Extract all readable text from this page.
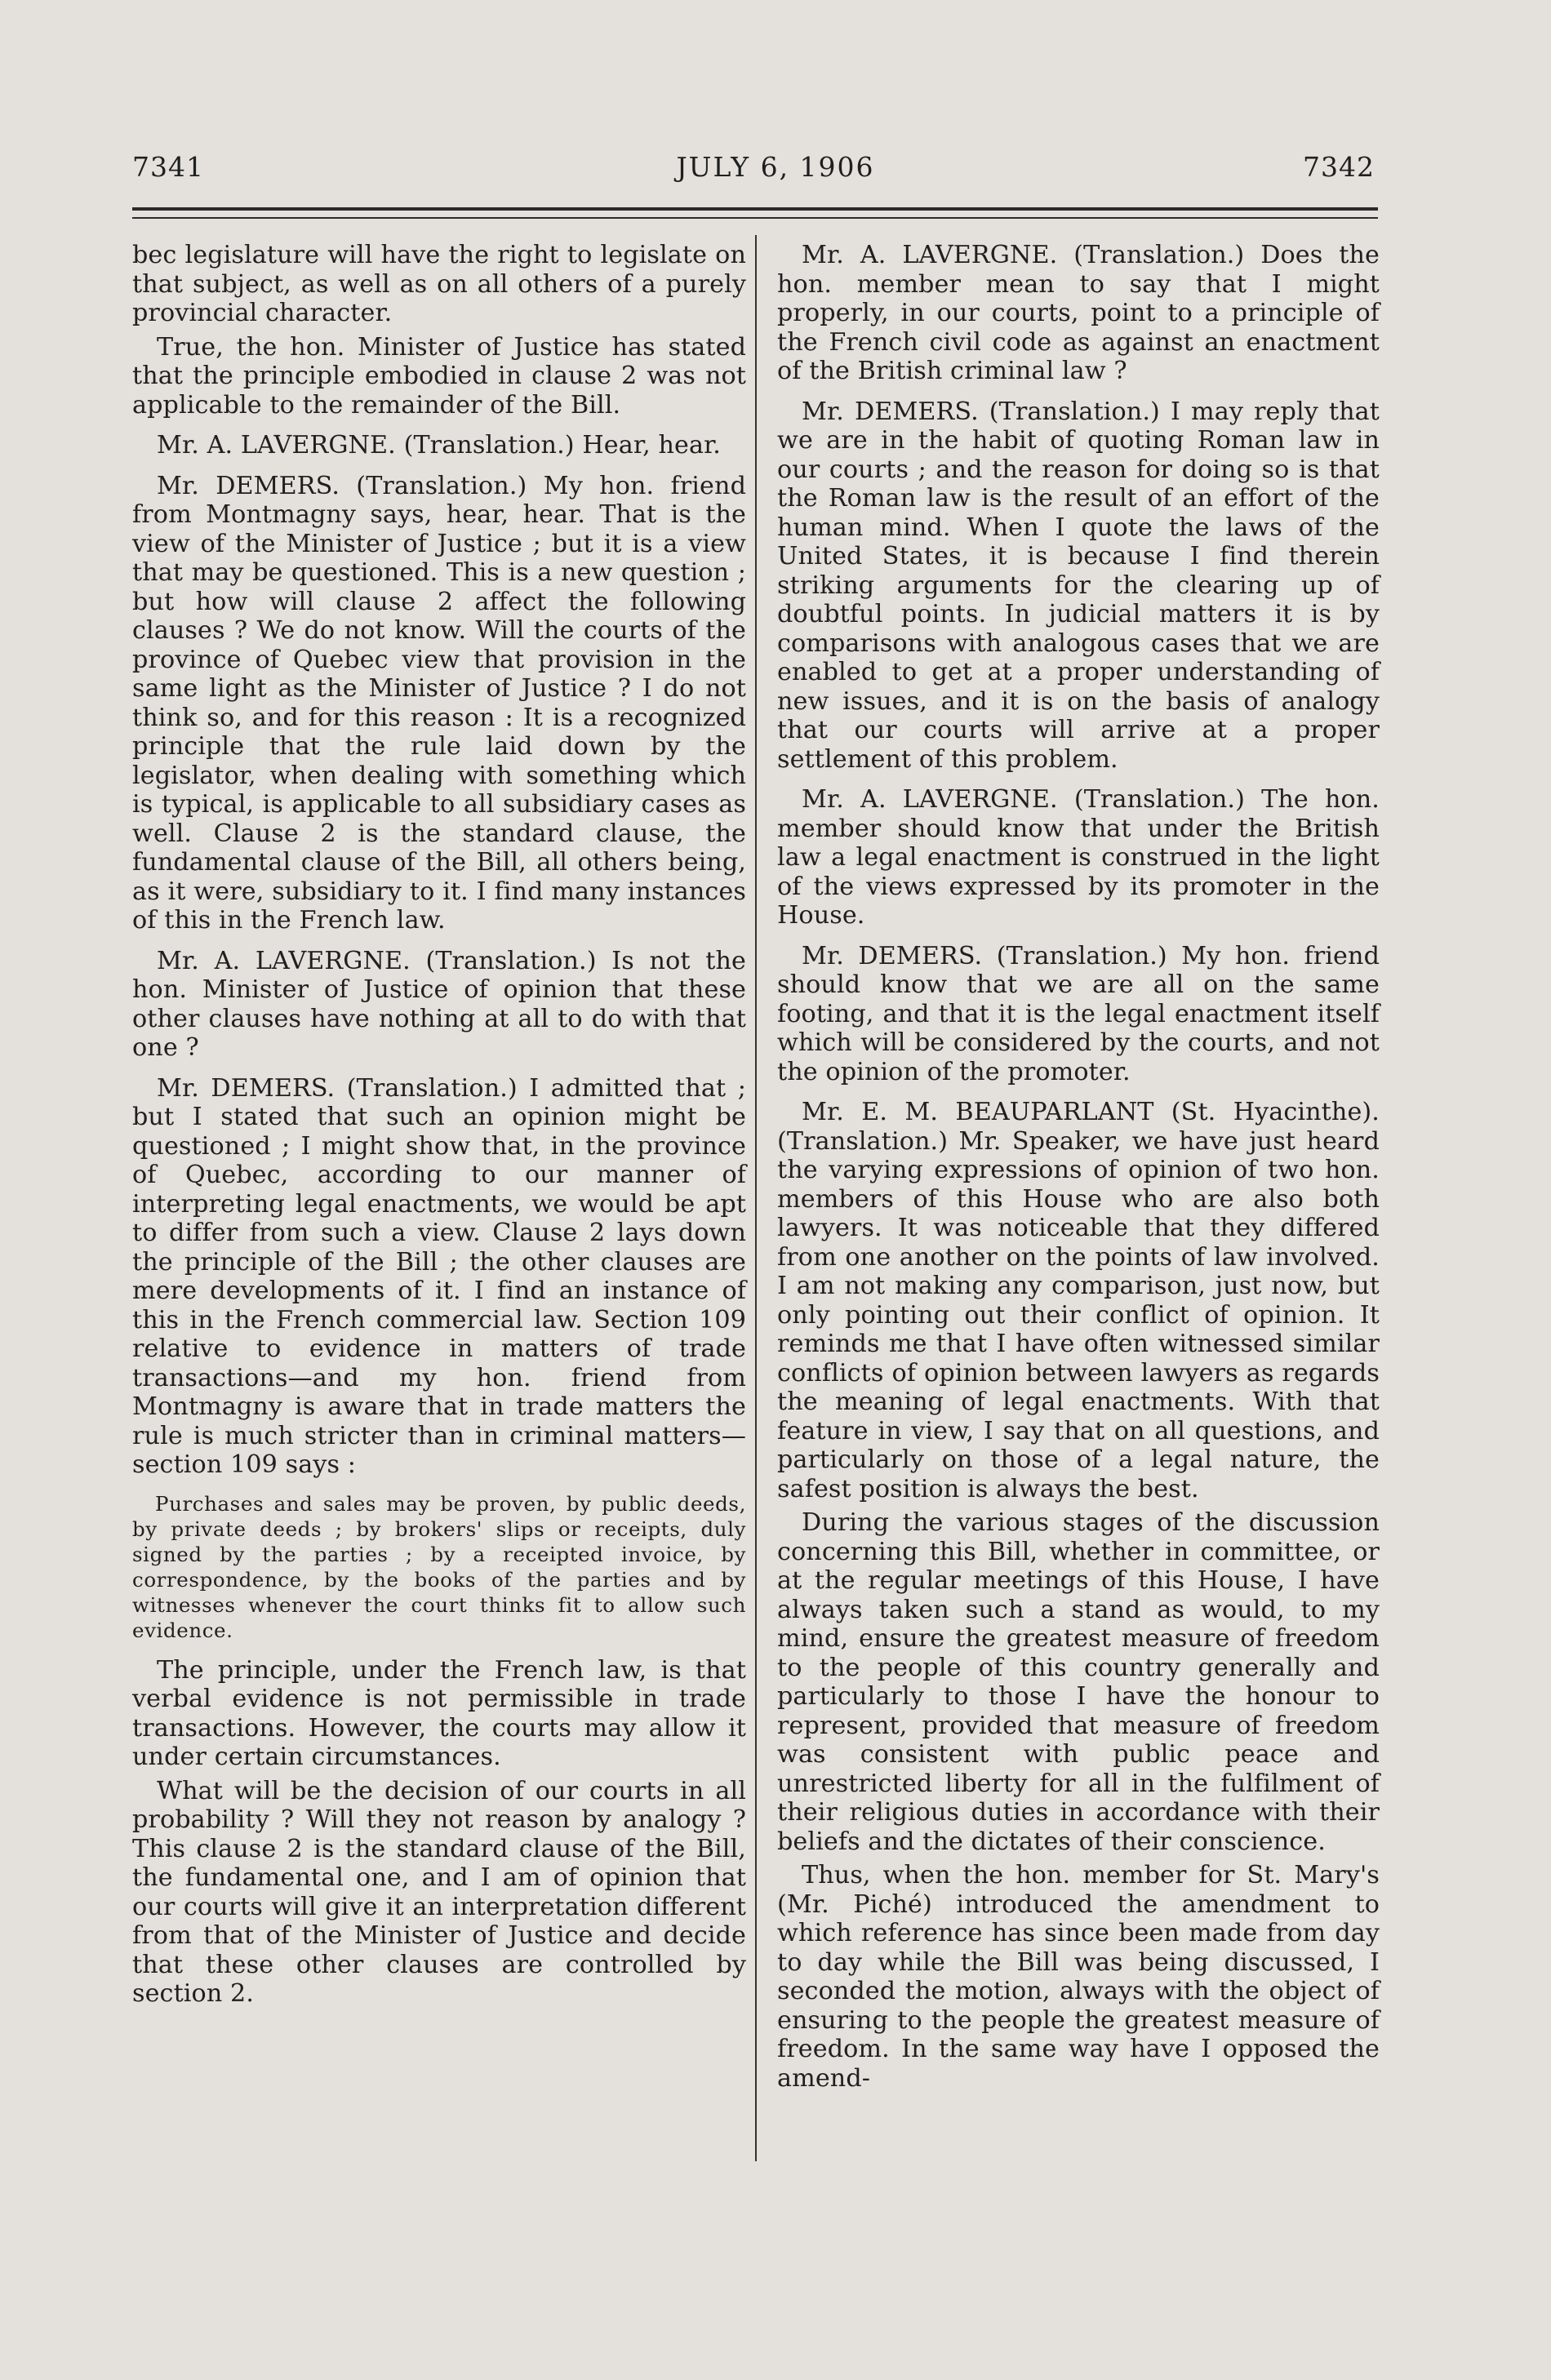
7341	JULY 6, 1906	7342

bec legislature will have the right to legislate on that subject, as well as on all others of a purely provincial character.

True, the hon. Minister of Justice has stated that the principle embodied in clause 2 was not applicable to the remainder of the Bill.

Mr. A. LAVERGNE. (Translation.) Hear, hear.

Mr. DEMERS. (Translation.) My hon. friend from Montmagny says, hear, hear. That is the view of the Minister of Justice ; but it is a view that may be questioned. This is a new question ; but how will clause 2 affect the following clauses ? We do not know. Will the courts of the province of Quebec view that provision in the same light as the Minister of Justice ? I do not think so, and for this reason : It is a recognized principle that the rule laid down by the legislator, when dealing with something which is typical, is applicable to all subsidiary cases as well. Clause 2 is the standard clause, the fundamental clause of the Bill, all others being, as it were, subsidiary to it. I find many instances of this in the French law.

Mr. A. LAVERGNE. (Translation.) Is not the hon. Minister of Justice of opinion that these other clauses have nothing at all to do with that one ?

Mr. DEMERS. (Translation.) I admitted that ; but I stated that such an opinion might be questioned ; I might show that, in the province of Quebec, according to our manner of interpreting legal enactments, we would be apt to differ from such a view. Clause 2 lays down the principle of the Bill ; the other clauses are mere developments of it. I find an instance of this in the French commercial law. Section 109 relative to evidence in matters of trade transactions—and my hon. friend from Montmagny is aware that in trade matters the rule is much stricter than in criminal matters—section 109 says :

Purchases and sales may be proven, by public deeds, by private deeds ; by brokers' slips or receipts, duly signed by the parties ; by a receipted invoice, by correspondence, by the books of the parties and by witnesses whenever the court thinks fit to allow such evidence.

The principle, under the French law, is that verbal evidence is not permissible in trade transactions. However, the courts may allow it under certain circumstances.

What will be the decision of our courts in all probability ? Will they not reason by analogy ? This clause 2 is the standard clause of the Bill, the fundamental one, and I am of opinion that our courts will give it an interpretation different from that of the Minister of Justice and decide that these other clauses are controlled by section 2.

Mr. A. LAVERGNE. (Translation.) Does the hon. member mean to say that I might properly, in our courts, point to a principle of the French civil code as against an enactment of the British criminal law ?

Mr. DEMERS. (Translation.) I may reply that we are in the habit of quoting Roman law in our courts ; and the reason for doing so is that the Roman law is the result of an effort of the human mind. When I quote the laws of the United States, it is because I find therein striking arguments for the clearing up of doubtful points. In judicial matters it is by comparisons with analogous cases that we are enabled to get at a proper understanding of new issues, and it is on the basis of analogy that our courts will arrive at a proper settlement of this problem.

Mr. A. LAVERGNE. (Translation.) The hon. member should know that under the British law a legal enactment is construed in the light of the views expressed by its promoter in the House.

Mr. DEMERS. (Translation.) My hon. friend should know that we are all on the same footing, and that it is the legal enactment itself which will be considered by the courts, and not the opinion of the promoter.

Mr. E. M. BEAUPARLANT (St. Hyacinthe). (Translation.) Mr. Speaker, we have just heard the varying expressions of opinion of two hon. members of this House who are also both lawyers. It was noticeable that they differed from one another on the points of law involved. I am not making any comparison, just now, but only pointing out their conflict of opinion. It reminds me that I have often witnessed similar conflicts of opinion between lawyers as regards the meaning of legal enactments. With that feature in view, I say that on all questions, and particularly on those of a legal nature, the safest position is always the best.

During the various stages of the discussion concerning this Bill, whether in committee, or at the regular meetings of this House, I have always taken such a stand as would, to my mind, ensure the greatest measure of freedom to the people of this country generally and particularly to those I have the honour to represent, provided that measure of freedom was consistent with public peace and unrestricted liberty for all in the fulfilment of their religious duties in accordance with their beliefs and the dictates of their conscience.

Thus, when the hon. member for St. Mary's (Mr. Piché) introduced the amendment to which reference has since been made from day to day while the Bill was being discussed, I seconded the motion, always with the object of ensuring to the people the greatest measure of freedom. In the same way have I opposed the amend-
